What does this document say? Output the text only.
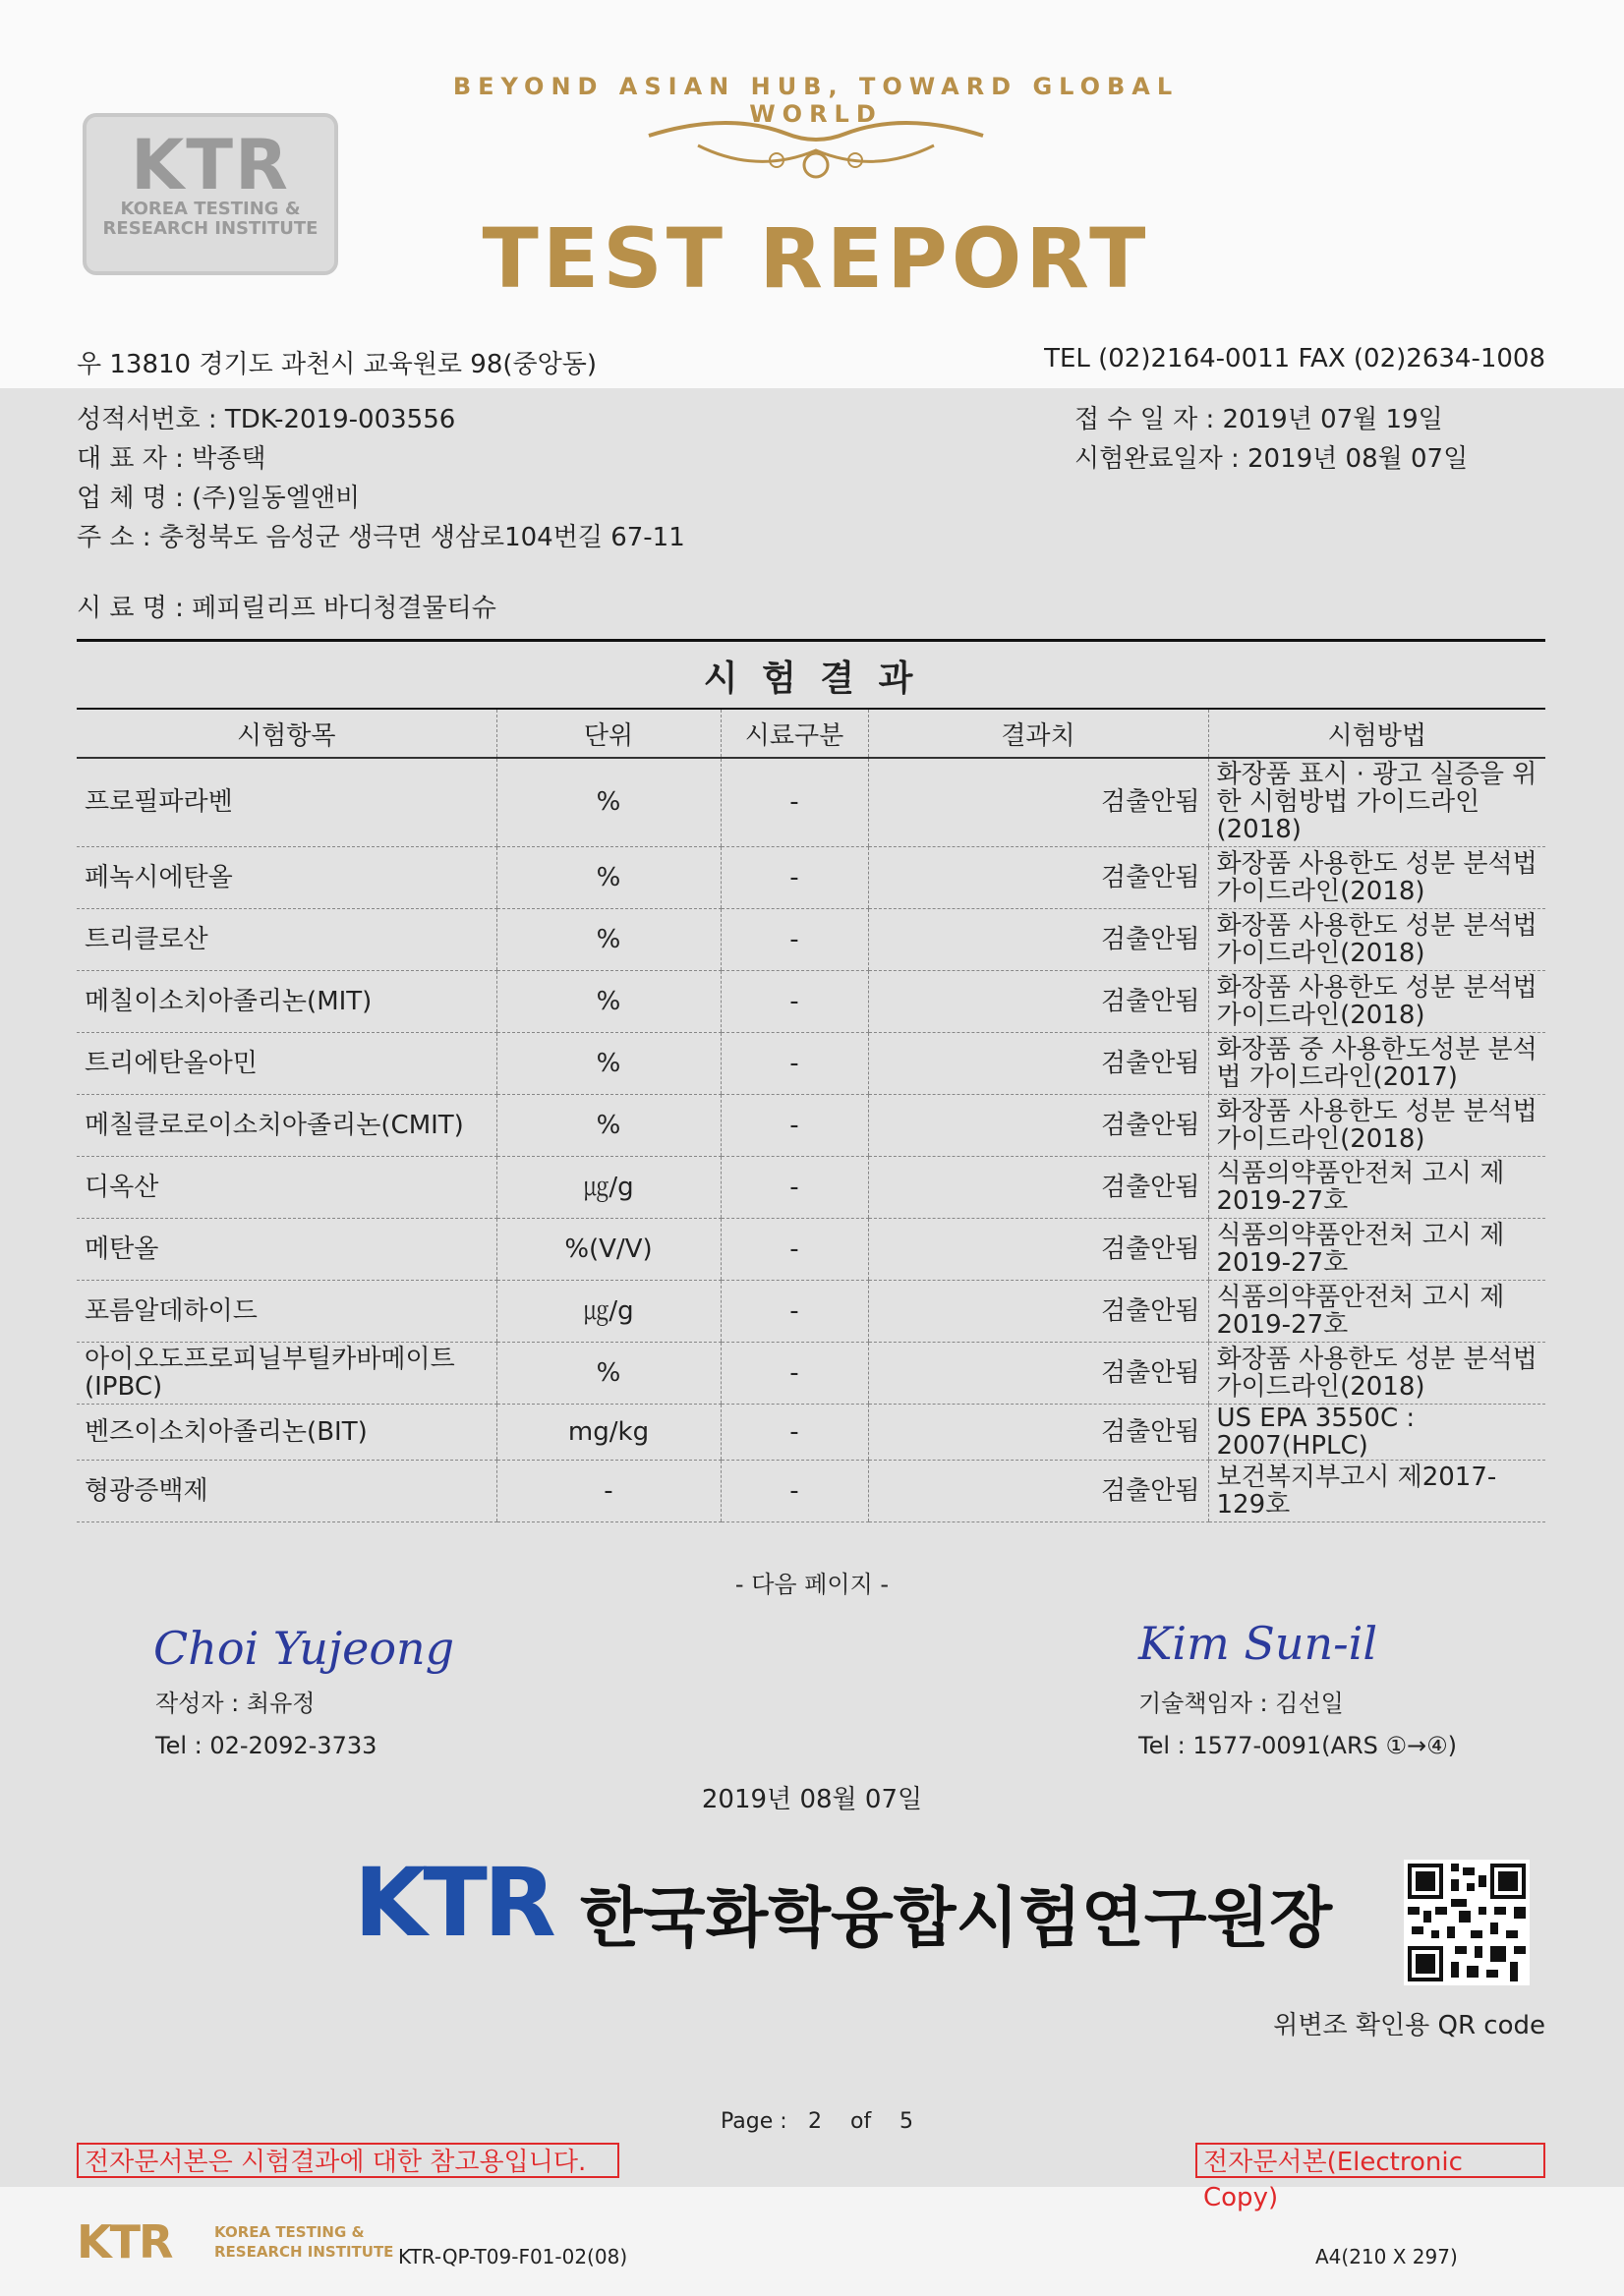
KTR
KOREA TESTING &
RESEARCH INSTITUTE
BEYOND ASIAN HUB, TOWARD GLOBAL WORLD
TEST REPORT
우 13810 경기도 과천시 교육원로 98(중앙동)	TEL (02)2164-0011 FAX (02)2634-1008
성적서번호 : TDK-2019-003556
대 표 자 : 박종택
업 체 명 : (주)일동엘앤비
주 소 : 충청북도 음성군 생극면 생삼로104번길 67-11
시 료 명 : 페피릴리프 바디청결물티슈
접 수 일 자 : 2019년 07월 19일
시험완료일자 : 2019년 08월 07일
시 험 결 과
시험항목	단위	시료구분	결과치	시험방법
프로필파라벤	%	-	검출안됨	화장품 표시 · 광고 실증을 위한 시험방법 가이드라인(2018)
페녹시에탄올	%	-	검출안됨	화장품 사용한도 성분 분석법 가이드라인(2018)
트리클로산	%	-	검출안됨	화장품 사용한도 성분 분석법 가이드라인(2018)
메칠이소치아졸리논(MIT)	%	-	검출안됨	화장품 사용한도 성분 분석법 가이드라인(2018)
트리에탄올아민	%	-	검출안됨	화장품 중 사용한도성분 분석법 가이드라인(2017)
메칠클로로이소치아졸리논(CMIT)	%	-	검출안됨	화장품 사용한도 성분 분석법 가이드라인(2018)
디옥산	㎍/g	-	검출안됨	식품의약품안전처 고시 제2019-27호
메탄올	%(V/V)	-	검출안됨	식품의약품안전처 고시 제2019-27호
포름알데하이드	㎍/g	-	검출안됨	식품의약품안전처 고시 제2019-27호
아이오도프로피닐부틸카바메이트(IPBC)	%	-	검출안됨	화장품 사용한도 성분 분석법 가이드라인(2018)
벤즈이소치아졸리논(BIT)	mg/kg	-	검출안됨	US EPA 3550C : 2007(HPLC)
형광증백제	-	-	검출안됨	보건복지부고시 제2017-129호
- 다음 페이지 -
Choi Yujeong
작성자 : 최유정
Tel : 02-2092-3733
Kim Sun-il
기술책임자 : 김선일
Tel : 1577-0091(ARS ①→④)
2019년 08월 07일
KTR 한국화학융합시험연구원장
위변조 확인용 QR code
Page : 2 of 5
전자문서본은 시험결과에 대한 참고용입니다.	전자문서본(Electronic Copy)
KTR	KOREA TESTING &
RESEARCH INSTITUTE KTR-QP-T09-F01-02(08)	A4(210 X 297)
